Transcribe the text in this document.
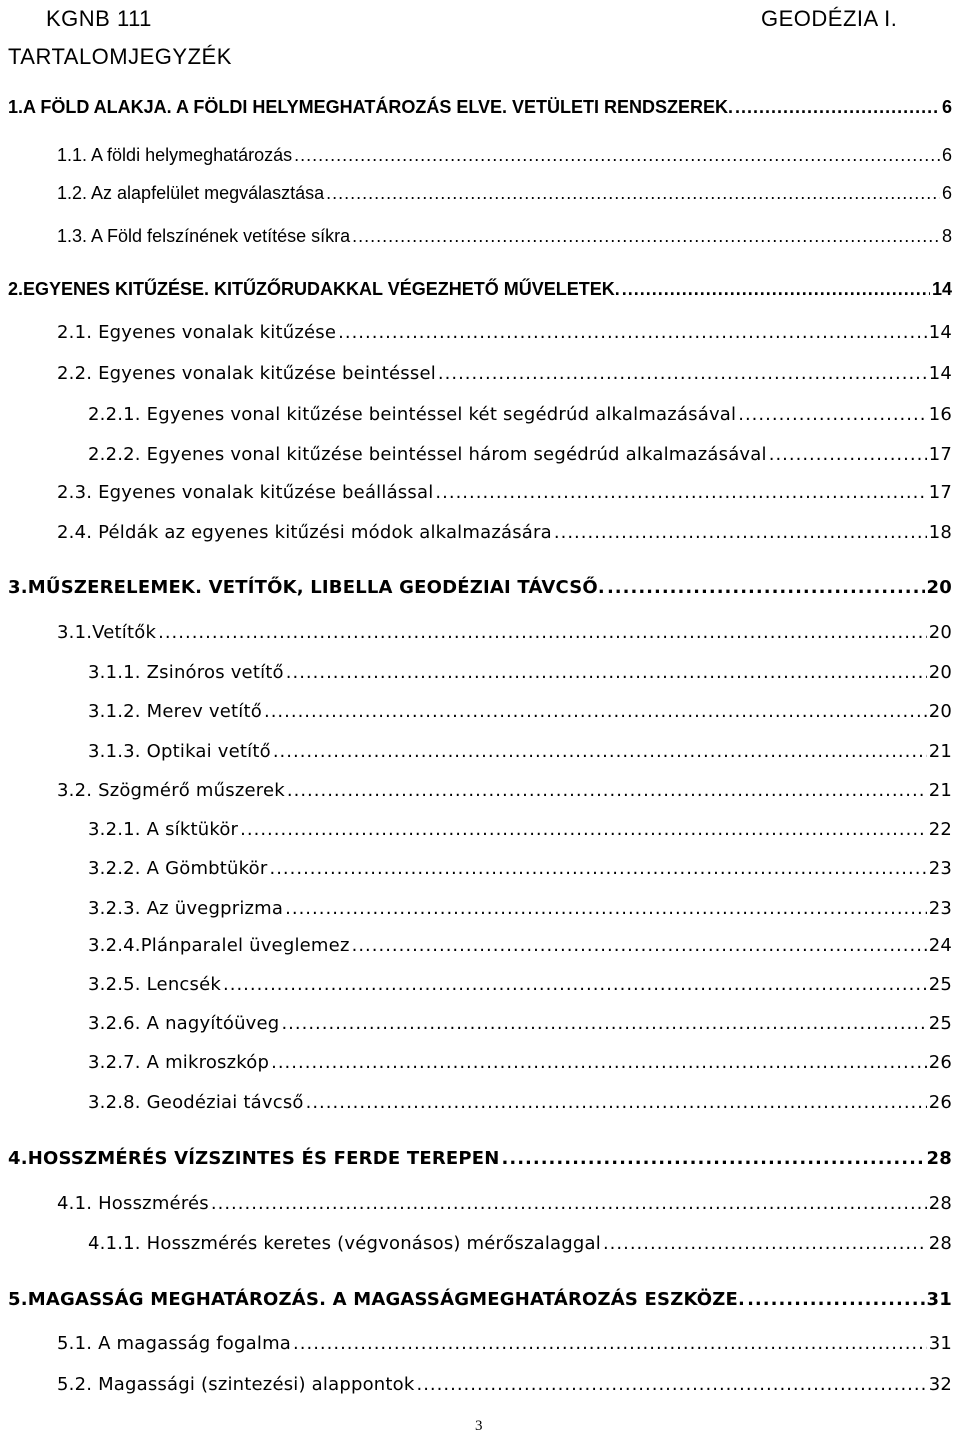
KGNB 111	GEODÉZIA I.
TARTALOMJEGYZÉK
1. A FÖLD ALAKJA. A FÖLDI HELYMEGHATÁROZÁS ELVE. VETÜLETI RENDSZEREK. .....	6
1.1. A földi helymeghatározás .....	6
1.2. Az alapfelület megválasztása .....	6
1.3. A Föld felszínének vetítése síkra .....	8
2. EGYENES KITŰZÉSE. KITŰZŐRUDAKKAL VÉGEZHETŐ MŰVELETEK. .....	14
2.1. Egyenes vonalak kitűzése .....	14
2.2. Egyenes vonalak kitűzése beintéssel .....	14
2.2.1. Egyenes vonal kitűzése beintéssel két segédrúd alkalmazásával .....	16
2.2.2. Egyenes vonal kitűzése beintéssel három segédrúd alkalmazásával .....	17
2.3. Egyenes vonalak kitűzése beállással .....	17
2.4. Példák az egyenes kitűzési módok alkalmazására .....	18
3. MŰSZERELEMEK. VETÍTŐK, LIBELLA GEODÉZIAI TÁVCSŐ. .....	20
3.1.Vetítők .....	20
3.1.1. Zsinóros vetítő .....	20
3.1.2. Merev vetítő .....	20
3.1.3. Optikai vetítő .....	21
3.2. Szögmérő műszerek .....	21
3.2.1. A síktükör .....	22
3.2.2. A Gömbtükör .....	23
3.2.3. Az üvegprizma .....	23
3.2.4.Plánparalel üveglemez .....	24
3.2.5. Lencsék .....	25
3.2.6. A nagyítóüveg .....	25
3.2.7. A mikroszkóp .....	26
3.2.8. Geodéziai távcső .....	26
4. HOSSZMÉRÉS VÍZSZINTES ÉS FERDE TEREPEN .....	28
4.1. Hosszmérés .....	28
4.1.1. Hosszmérés keretes (végvonásos) mérőszalaggal .....	28
5. MAGASSÁG MEGHATÁROZÁS. A MAGASSÁGMEGHATÁROZÁS ESZKÖZE. .....	31
5.1. A magasság fogalma .....	31
5.2. Magassági (szintezési) alappontok .....	32
3
